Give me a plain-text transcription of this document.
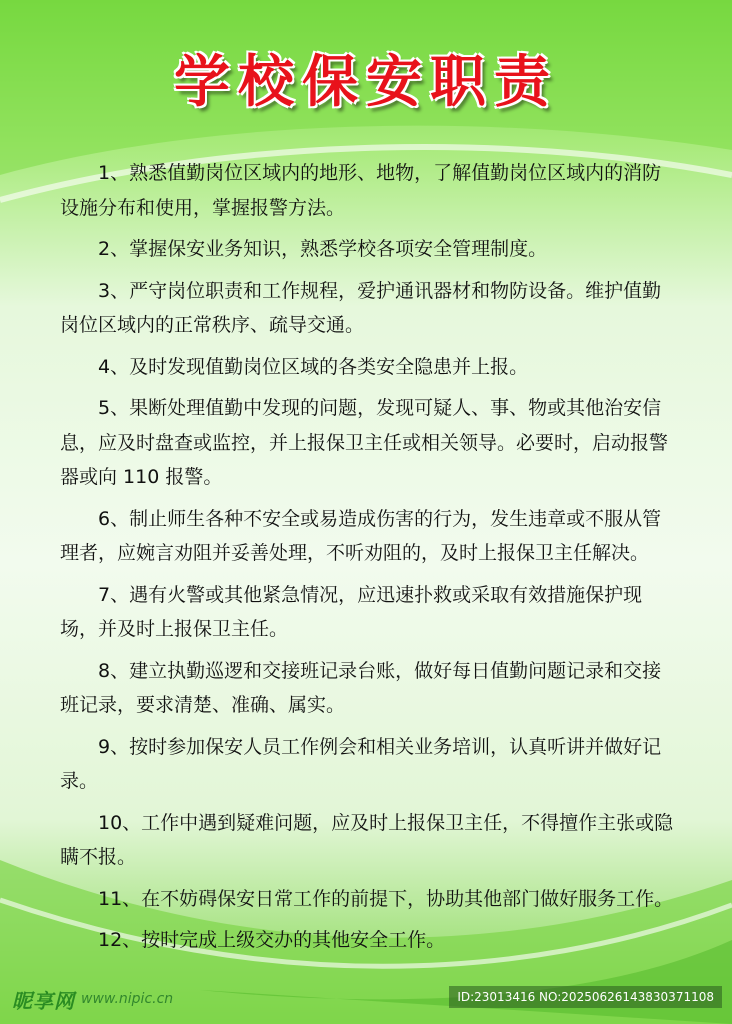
学校保安职责

1、熟悉值勤岗位区域内的地形、地物，了解值勤岗位区域内的消防设施分布和使用，掌握报警方法。

2、掌握保安业务知识，熟悉学校各项安全管理制度。

3、严守岗位职责和工作规程，爱护通讯器材和物防设备。维护值勤岗位区域内的正常秩序、疏导交通。

4、及时发现值勤岗位区域的各类安全隐患并上报。

5、果断处理值勤中发现的问题，发现可疑人、事、物或其他治安信息，应及时盘查或监控，并上报保卫主任或相关领导。必要时，启动报警器或向 110 报警。

6、制止师生各种不安全或易造成伤害的行为，发生违章或不服从管理者，应婉言劝阻并妥善处理，不听劝阻的，及时上报保卫主任解决。

7、遇有火警或其他紧急情况，应迅速扑救或采取有效措施保护现场，并及时上报保卫主任。

8、建立执勤巡逻和交接班记录台账，做好每日值勤问题记录和交接班记录，要求清楚、准确、属实。

9、按时参加保安人员工作例会和相关业务培训，认真听讲并做好记录。

10、工作中遇到疑难问题，应及时上报保卫主任，不得擅作主张或隐瞒不报。

11、在不妨碍保安日常工作的前提下，协助其他部门做好服务工作。

12、按时完成上级交办的其他安全工作。

昵享网 www.nipic.cn	ID:23013416 NO:20250626143830371108
